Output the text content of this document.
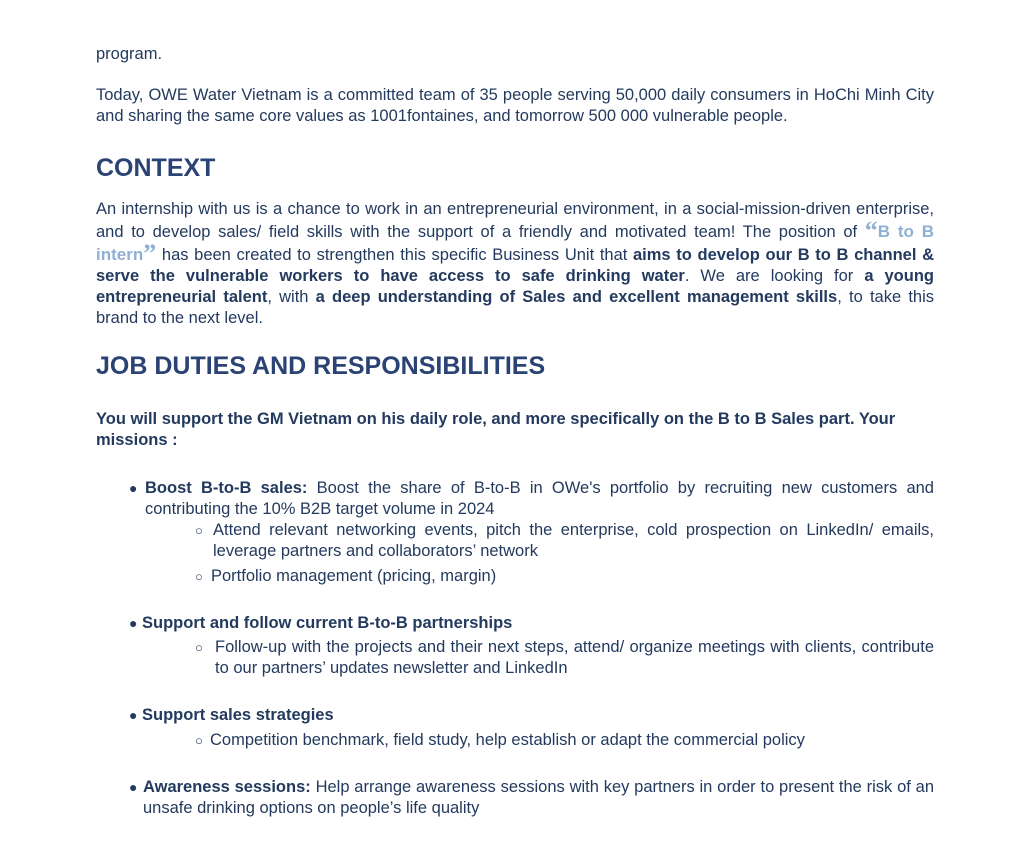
program.

Today, OWE Water Vietnam is a committed team of 35 people serving 50,000 daily consumers in HoChi Minh City and sharing the same core values as 1001fontaines, and tomorrow 500 000 vulnerable people.

CONTEXT

An internship with us is a chance to work in an entrepreneurial environment, in a social-mission-driven enterprise, and to develop sales/ field skills with the support of a friendly and motivated team! The position of “B to B intern” has been created to strengthen this specific Business Unit that aims to develop our B to B channel & serve the vulnerable workers to have access to safe drinking water. We are looking for a young entrepreneurial talent, with a deep understanding of Sales and excellent management skills, to take this brand to the next level.

JOB DUTIES AND RESPONSIBILITIES

You will support the GM Vietnam on his daily role, and more specifically on the B to B Sales part. Your missions :

● Boost B-to-B sales: Boost the share of B-to-B in OWe's portfolio by recruiting new customers and contributing the 10% B2B target volume in 2024
○ Attend relevant networking events, pitch the enterprise, cold prospection on LinkedIn/ emails, leverage partners and collaborators’ network
○ Portfolio management (pricing, margin)
● Support and follow current B-to-B partnerships
○ Follow-up with the projects and their next steps, attend/ organize meetings with clients, contribute to our partners’ updates newsletter and LinkedIn
● Support sales strategies
○ Competition benchmark, field study, help establish or adapt the commercial policy
● Awareness sessions: Help arrange awareness sessions with key partners in order to present the risk of an unsafe drinking options on people’s life quality
